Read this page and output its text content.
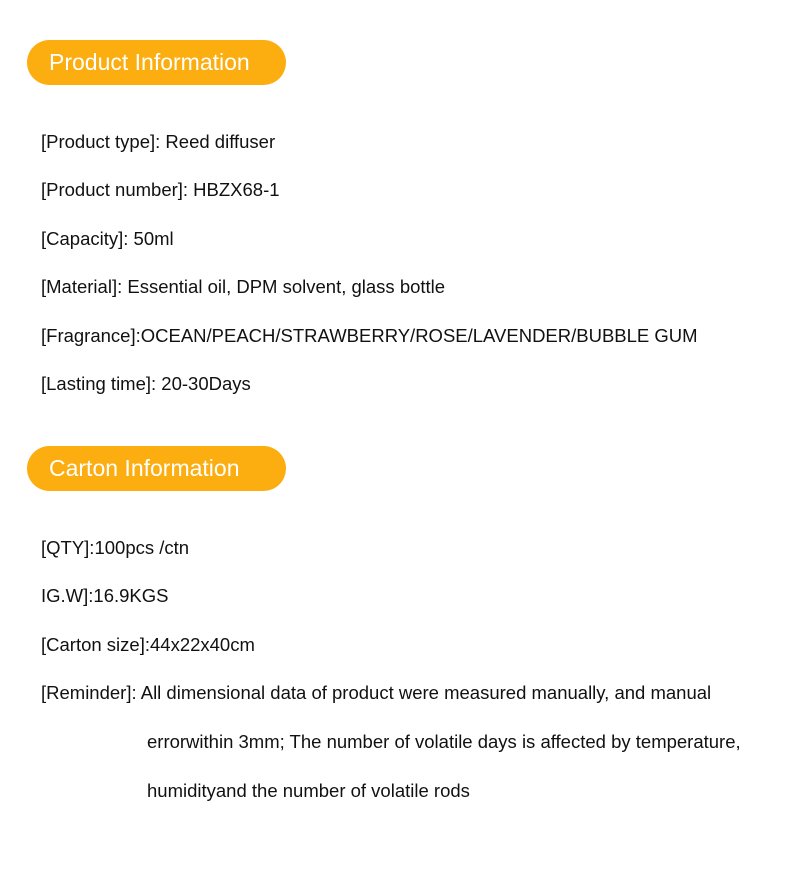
Product Information
[Product type]: Reed diffuser
[Product number]: HBZX68-1
[Capacity]: 50ml
[Material]: Essential oil, DPM solvent, glass bottle
[Fragrance]:OCEAN/PEACH/STRAWBERRY/ROSE/LAVENDER/BUBBLE GUM
[Lasting time]: 20-30Days
Carton Information
[QTY]:100pcs /ctn
IG.W]:16.9KGS
[Carton size]:44x22x40cm
[Reminder]: All dimensional data of product were measured manually, and manual
errorwithin 3mm; The number of volatile days is affected by temperature,
humidityand the number of volatile rods
